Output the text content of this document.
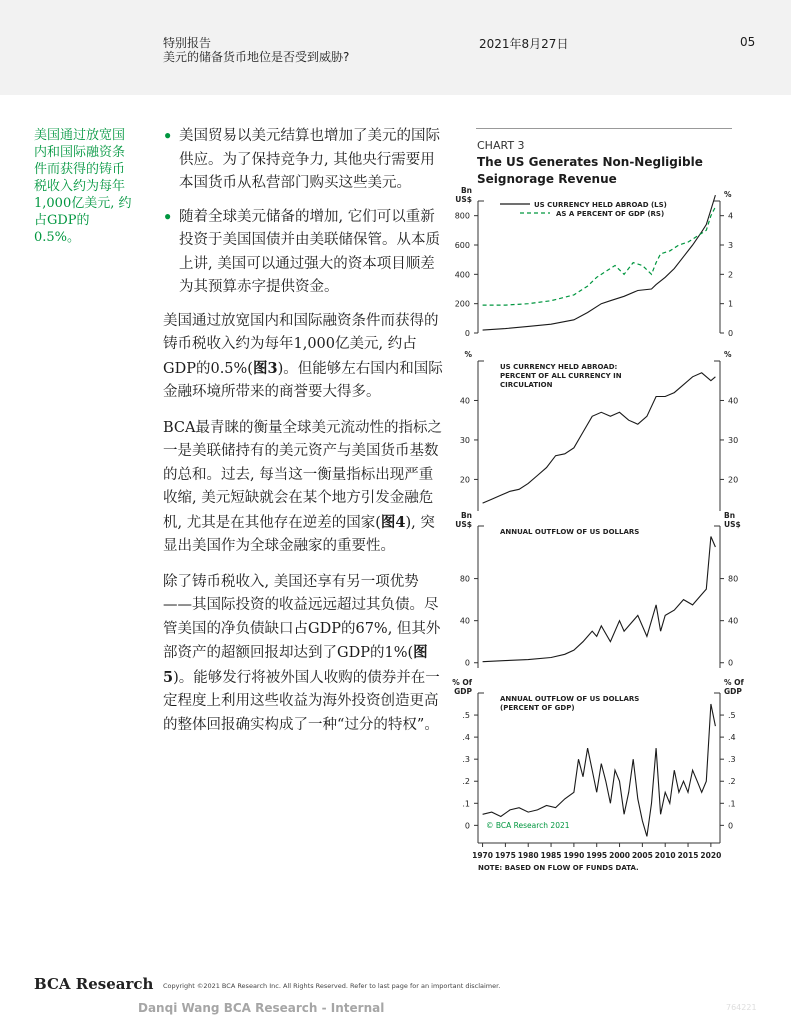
特别报告
美元的储备货币地位是否受到威胁?
2021年8月27日	05
美国通过放宽国内和国际融资条件而获得的铸币税收入约为每年1,000亿美元, 约占GDP的0.5%。
• 美国贸易以美元结算也增加了美元的国际供应。为了保持竞争力, 其他央行需要用本国货币从私营部门购买这些美元。
• 随着全球美元储备的增加, 它们可以重新投资于美国国债并由美联储保管。从本质上讲, 美国可以通过强大的资本项目顺差为其预算赤字提供资金。

美国通过放宽国内和国际融资条件而获得的铸币税收入约为每年1,000亿美元, 约占GDP的0.5%(图3)。但能够左右国内和国际金融环境所带来的商誉要大得多。

BCA最青睐的衡量全球美元流动性的指标之一是美联储持有的美元资产与美国货币基数的总和。过去, 每当这一衡量指标出现严重收缩, 美元短缺就会在某个地方引发金融危机, 尤其是在其他存在逆差的国家(图4), 突显出美国作为全球金融家的重要性。

除了铸币税收入, 美国还享有另一项优势——其国际投资的收益远远超过其负债。尽管美国的净负债缺口占GDP的67%, 但其外部资产的超额回报却达到了GDP的1%(图5)。能够发行将被外国人收购的债券并在一定程度上利用这些收益为海外投资创造更高的整体回报确实构成了一种“过分的特权”。

CHART 3
The US Generates Non-Negligible Seignorage Revenue
Bn
US$
%
0
200
400
600
800
0
1
2
3
4
US CURRENCY HELD ABROAD (LS)
AS A PERCENT OF GDP (RS)
%	%
20	20
30	30
40	40
US CURRENCY HELD ABROAD:
PERCENT OF ALL CURRENCY IN
CIRCULATION
Bn
US$
Bn
US$
0	0
40	40
80	80
ANNUAL OUTFLOW OF US DOLLARS
% Of
GDP
% Of
GDP
0	0
.1	.1
.2	.2
.3	.3
.4	.4
.5	.5
ANNUAL OUTFLOW OF US DOLLARS
(PERCENT OF GDP)
1970 1975 1980 1985 1990 1995 2000 2005 2010 2015 2020
© BCA Research 2021
NOTE: BASED ON FLOW OF FUNDS DATA.
BCA Research Copyright ©2021 BCA Research Inc. All Rights Reserved. Refer to last page for an important disclaimer.
Danqi Wang BCA Research - Internal	764221
